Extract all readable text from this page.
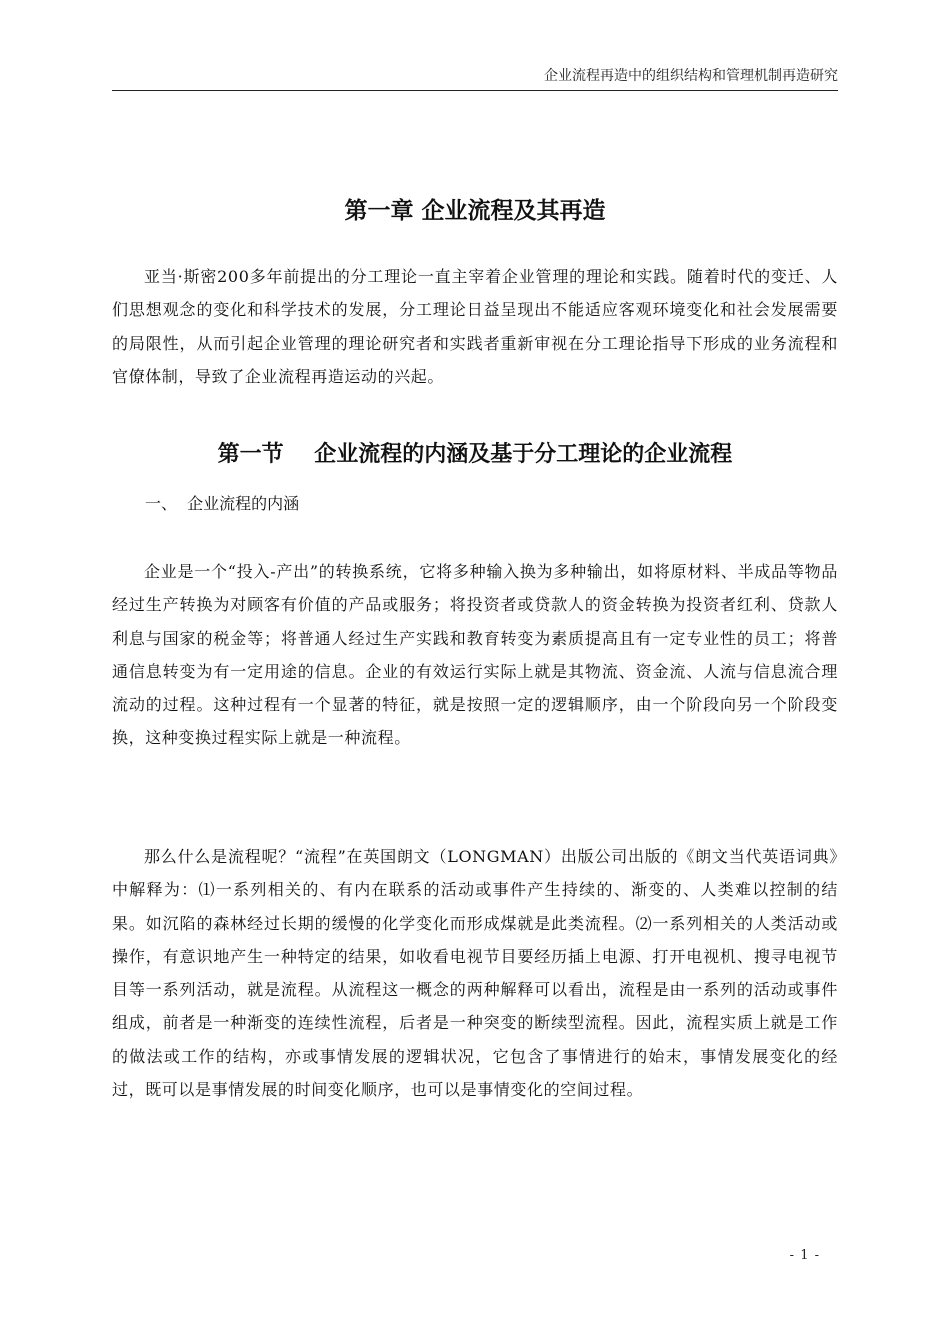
企业流程再造中的组织结构和管理机制再造研究
第一章 企业流程及其再造

亚当·斯密200多年前提出的分工理论一直主宰着企业管理的理论和实践。随着时代的变迁、人们思想观念的变化和科学技术的发展，分工理论日益呈现出不能适应客观环境变化和社会发展需要的局限性，从而引起企业管理的理论研究者和实践者重新审视在分工理论指导下形成的业务流程和官僚体制，导致了企业流程再造运动的兴起。

第一节    企业流程的内涵及基于分工理论的企业流程
一、  企业流程的内涵

企业是一个“投入-产出”的转换系统，它将多种输入换为多种输出，如将原材料、半成品等物品经过生产转换为对顾客有价值的产品或服务；将投资者或贷款人的资金转换为投资者红利、贷款人利息与国家的税金等；将普通人经过生产实践和教育转变为素质提高且有一定专业性的员工；将普通信息转变为有一定用途的信息。企业的有效运行实际上就是其物流、资金流、人流与信息流合理流动的过程。这种过程有一个显著的特征，就是按照一定的逻辑顺序，由一个阶段向另一个阶段变换，这种变换过程实际上就是一种流程。

那么什么是流程呢？“流程”在英国朗文（LONGMAN）出版公司出版的《朗文当代英语词典》中解释为：⑴一系列相关的、有内在联系的活动或事件产生持续的、渐变的、人类难以控制的结果。如沉陷的森林经过长期的缓慢的化学变化而形成煤就是此类流程。⑵一系列相关的人类活动或操作，有意识地产生一种特定的结果，如收看电视节目要经历插上电源、打开电视机、搜寻电视节目等一系列活动，就是流程。从流程这一概念的两种解释可以看出，流程是由一系列的活动或事件组成，前者是一种渐变的连续性流程，后者是一种突变的断续型流程。因此，流程实质上就是工作的做法或工作的结构，亦或事情发展的逻辑状况，它包含了事情进行的始末，事情发展变化的经过，既可以是事情发展的时间变化顺序，也可以是事情变化的空间过程。

- 1 -
